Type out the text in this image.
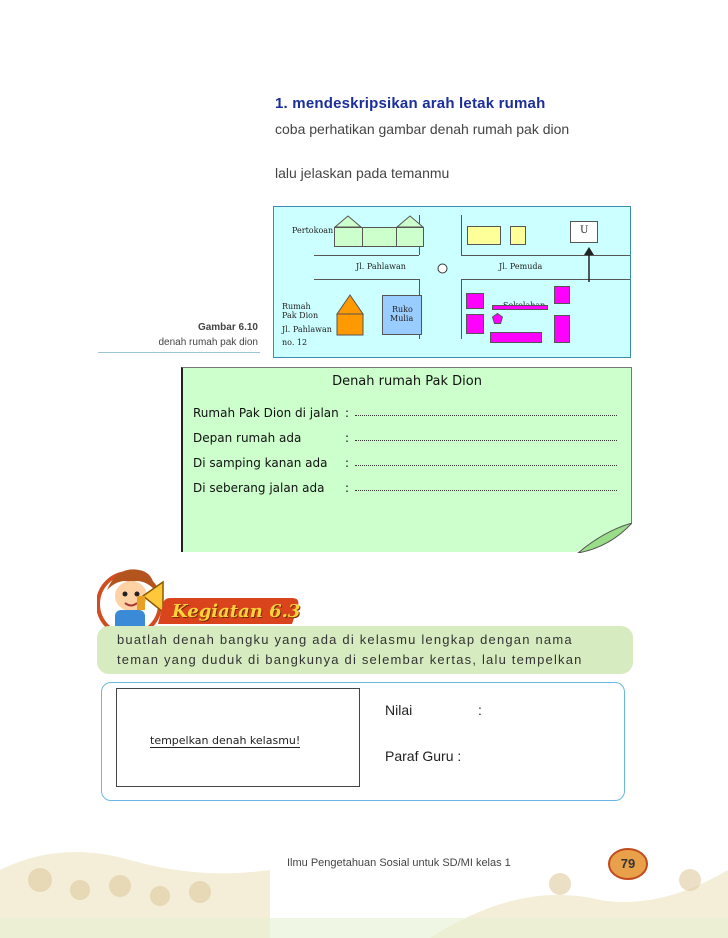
1. mendeskripsikan arah letak rumah
coba perhatikan gambar denah rumah pak dion
lalu jelaskan pada temanmu
Pertokoan	U
Jl. Pahlawan	Jl. Pemuda
Rumah
Pak Dion
Jl. Pahlawan
no. 12
Ruko
Mulia
Gambar 6.10
denah rumah pak dion
Denah rumah Pak Dion
Rumah Pak Dion di jalan :
Depan rumah ada	:
Di samping kanan ada :
Di seberang jalan ada :
Kegiatan 6.3
buatlah denah bangku yang ada di kelasmu lengkap dengan nama
teman yang duduk di bangkunya di selembar kertas, lalu tempelkan
tempelkan denah kelasmu!
Nilai	:
Paraf Guru :
Ilmu Pengetahuan Sosial untuk SD/MI kelas 1	79
